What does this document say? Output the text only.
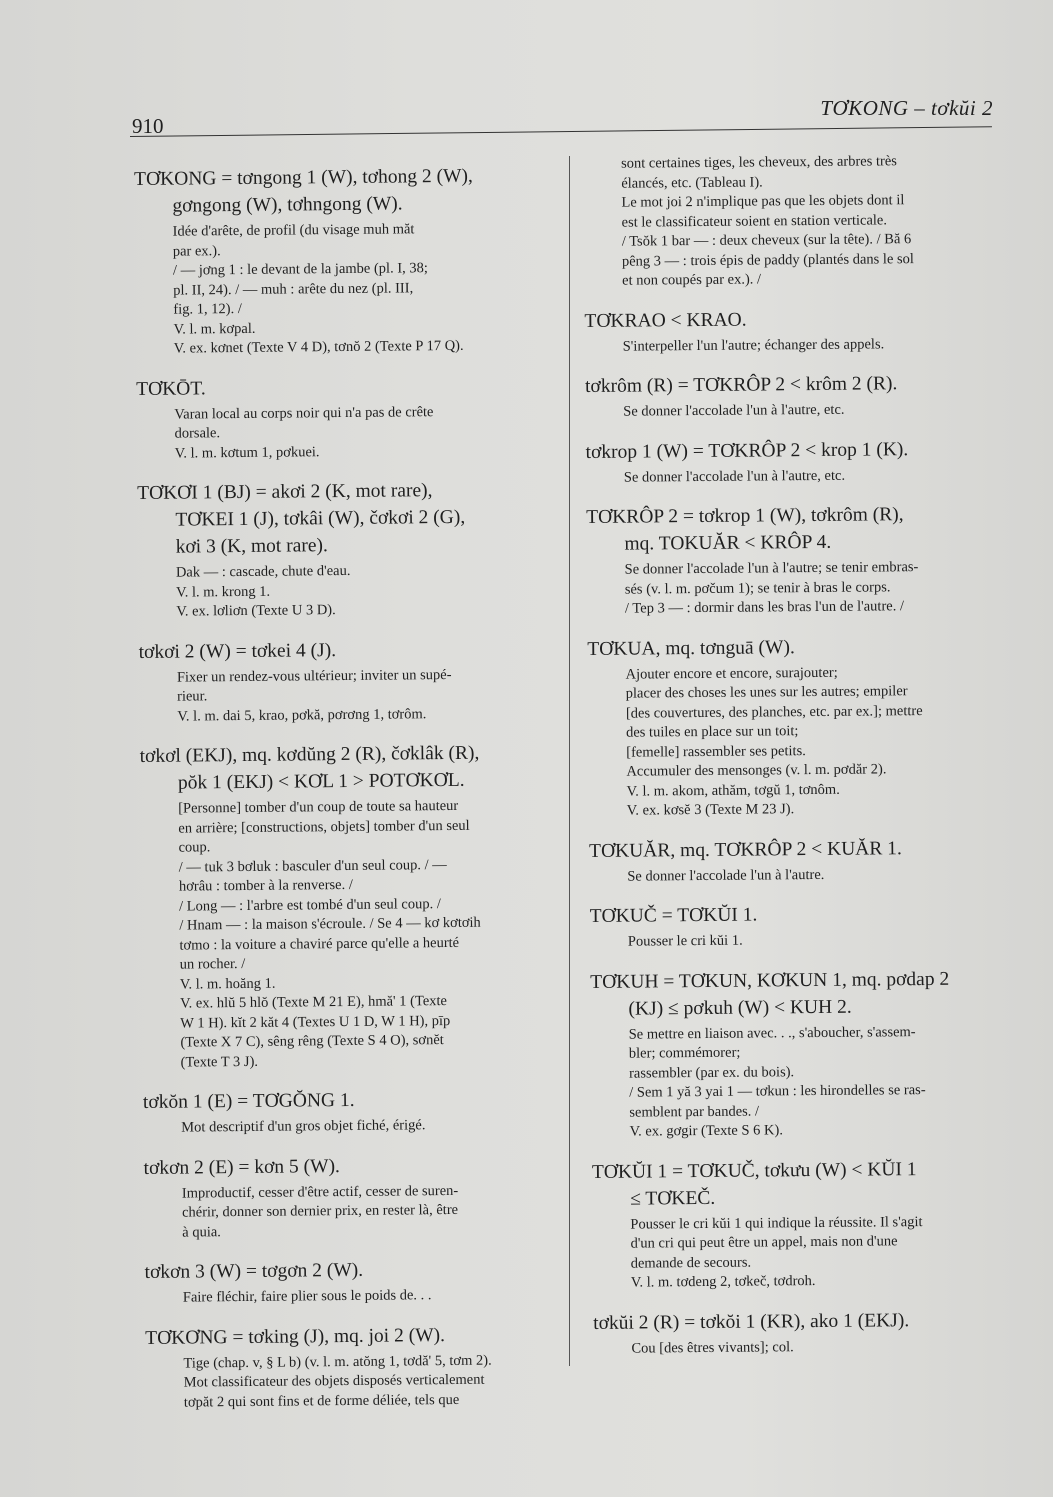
910
TƠKONG – tơkŭi 2
TƠKONG = tơngong 1 (W), tơhong 2 (W),
gơngong (W), tơhngong (W).
Idée d'arête, de profil (du visage muh măt
par ex.).
/ — jơng 1 : le devant de la jambe (pl. I, 38;
pl. II, 24). / — muh : arête du nez (pl. III,
fig. 1, 12). /
V. l. m. kơpal.
V. ex. kơnet (Texte V 4 D), tơnŏ 2 (Texte P 17 Q).
TƠKŌT.
Varan local au corps noir qui n'a pas de crête
dorsale.
V. l. m. kơtum 1, pơkuei.
TƠKƠI 1 (BJ) = akơi 2 (K, mot rare),
TƠKEI 1 (J), tơkâi (W), čơkơi 2 (G),
kơi 3 (K, mot rare).
Dak — : cascade, chute d'eau.
V. l. m. krong 1.
V. ex. lơliơn (Texte U 3 D).
tơkơi 2 (W) = tơkei 4 (J).
Fixer un rendez-vous ultérieur; inviter un supé-
rieur.
V. l. m. dai 5, krao, pơkă, pơrơng 1, tơrôm.
tơkơl (EKJ), mq. kơdŭng 2 (R), čơklâk (R),
pŏk 1 (EKJ) < KƠL 1 > POTƠKƠL.
[Personne] tomber d'un coup de toute sa hauteur
en arrière; [constructions, objets] tomber d'un seul
coup.
/ — tuk 3 bơluk : basculer d'un seul coup. / —
hơrâu : tomber à la renverse. /
/ Long — : l'arbre est tombé d'un seul coup. /
/ Hnam — : la maison s'écroule. / Se 4 — kơ kơtơih
tơmo : la voiture a chaviré parce qu'elle a heurté
un rocher. /
V. l. m. hoăng 1.
V. ex. hlŭ 5 hlŏ (Texte M 21 E), hmă' 1 (Texte
W 1 H). kĭt 2 kăt 4 (Textes U 1 D, W 1 H), pīp
(Texte X 7 C), sêng rêng (Texte S 4 O), sơnĕt
(Texte T 3 J).
tơkŏn 1 (E) = TƠGŎNG 1.
Mot descriptif d'un gros objet fiché, érigé.
tơkơn 2 (E) = kơn 5 (W).
Improductif, cesser d'être actif, cesser de suren-
chérir, donner son dernier prix, en rester là, être
à quia.
tơkơn 3 (W) = tơgơn 2 (W).
Faire fléchir, faire plier sous le poids de. . .
TƠKƠNG = tơking (J), mq. joi 2 (W).
Tige (chap. v, § L b) (v. l. m. atŏng 1, tơdă' 5, tơm 2).
Mot classificateur des objets disposés verticalement
tơpăt 2 qui sont fins et de forme déliée, tels que
sont certaines tiges, les cheveux, des arbres très
élancés, etc. (Tableau I).
Le mot joi 2 n'implique pas que les objets dont il
est le classificateur soient en station verticale.
/ Tsŏk 1 bar — : deux cheveux (sur la tête). / Bă 6
pêng 3 — : trois épis de paddy (plantés dans le sol
et non coupés par ex.). /
TƠKRAO < KRAO.
S'interpeller l'un l'autre; échanger des appels.
tơkrôm (R) = TƠKRÔP 2 < krôm 2 (R).
Se donner l'accolade l'un à l'autre, etc.
tơkrop 1 (W) = TƠKRÔP 2 < krop 1 (K).
Se donner l'accolade l'un à l'autre, etc.
TƠKRÔP 2 = tơkrop 1 (W), tơkrôm (R),
mq. TOKUĂR < KRÔP 4.
Se donner l'accolade l'un à l'autre; se tenir embras-
sés (v. l. m. pơčum 1); se tenir à bras le corps.
/ Tep 3 — : dormir dans les bras l'un de l'autre. /
TƠKUA, mq. tơnguā (W).
Ajouter encore et encore, surajouter;
placer des choses les unes sur les autres; empiler
[des couvertures, des planches, etc. par ex.]; mettre
des tuiles en place sur un toit;
[femelle] rassembler ses petits.
Accumuler des mensonges (v. l. m. pơdăr 2).
V. l. m. akom, athăm, tơgŭ 1, tơnôm.
V. ex. kơsĕ 3 (Texte M 23 J).
TƠKUĂR, mq. TƠKRÔP 2 < KUĂR 1.
Se donner l'accolade l'un à l'autre.
TƠKUČ = TƠKŬI 1.
Pousser le cri kŭi 1.
TƠKUH = TƠKUN, KƠKUN 1, mq. pơdap 2
(KJ) ≤ pơkuh (W) < KUH 2.
Se mettre en liaison avec. . ., s'aboucher, s'assem-
bler; commémorer;
rassembler (par ex. du bois).
/ Sem 1 yă 3 yai 1 — tơkun : les hirondelles se ras-
semblent par bandes. /
V. ex. gơgir (Texte S 6 K).
TƠKŬI 1 = TƠKUČ, tơkưu (W) < KŬI 1
≤ TƠKEČ.
Pousser le cri kŭi 1 qui indique la réussite. Il s'agit
d'un cri qui peut être un appel, mais non d'une
demande de secours.
V. l. m. tơdeng 2, tơkeč, tơdroh.
tơkŭi 2 (R) = tơkŏi 1 (KR), ako 1 (EKJ).
Cou [des êtres vivants]; col.
